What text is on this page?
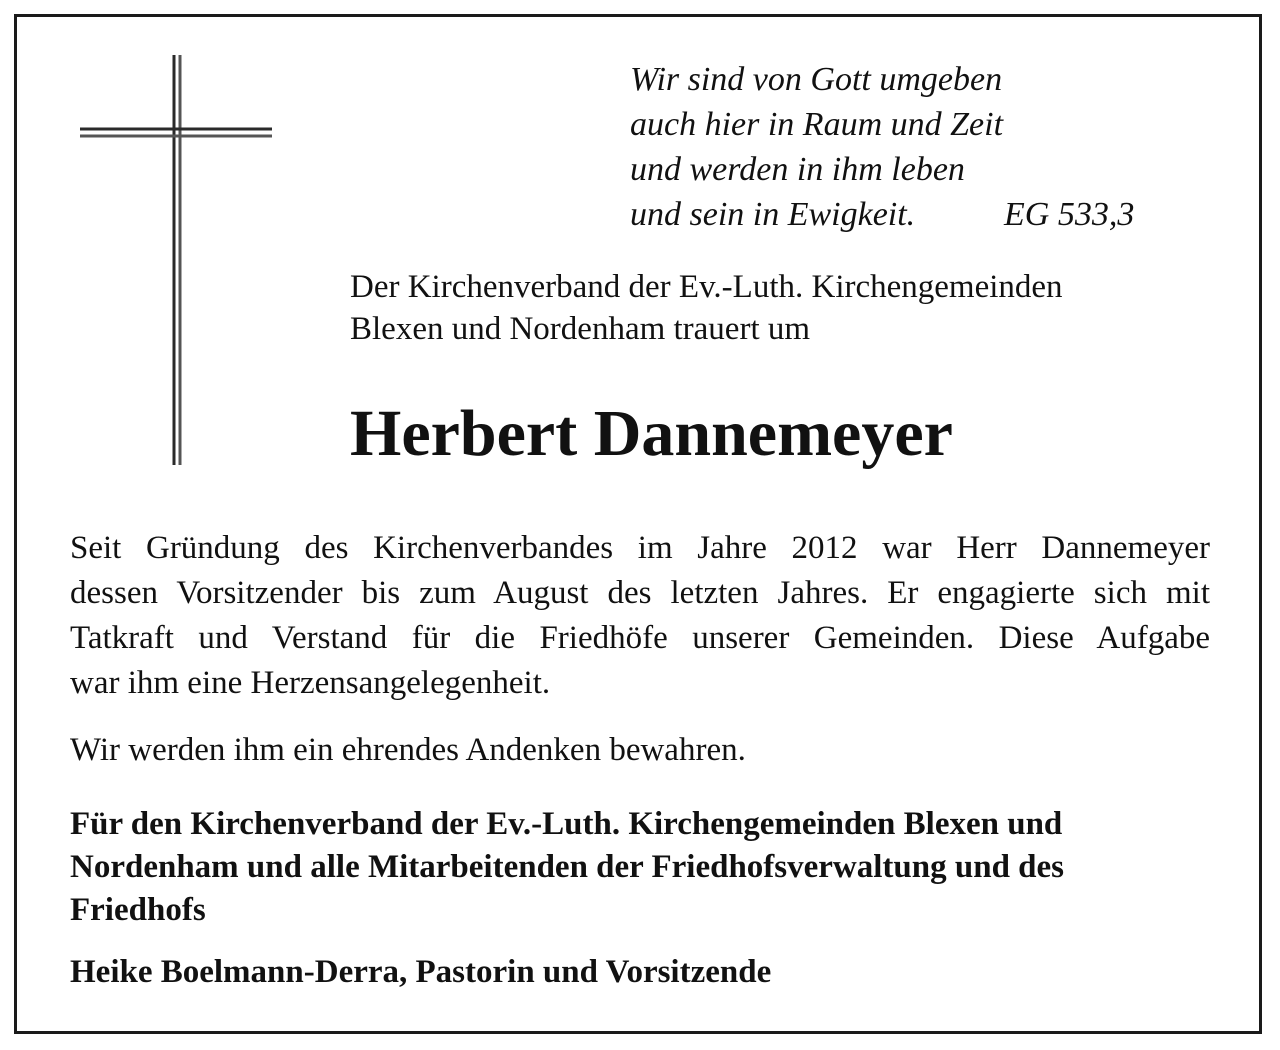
Wir sind von Gott umgeben
auch hier in Raum und Zeit
und werden in ihm leben
und sein in Ewigkeit.	EG 533,3
Der Kirchenverband der Ev.-Luth. Kirchengemeinden
Blexen und Nordenham trauert um
Herbert Dannemeyer
Seit Gründung des Kirchenverbandes im Jahre 2012 war Herr Dannemeyer
dessen Vorsitzender bis zum August des letzten Jahres. Er engagierte sich mit
Tatkraft und Verstand für die Friedhöfe unserer Gemeinden. Diese Aufgabe
war ihm eine Herzensangelegenheit.
Wir werden ihm ein ehrendes Andenken bewahren.
Für den Kirchenverband der Ev.-Luth. Kirchengemeinden Blexen und
Nordenham und alle Mitarbeitenden der Friedhofsverwaltung und des
Friedhofs
Heike Boelmann-Derra, Pastorin und Vorsitzende
